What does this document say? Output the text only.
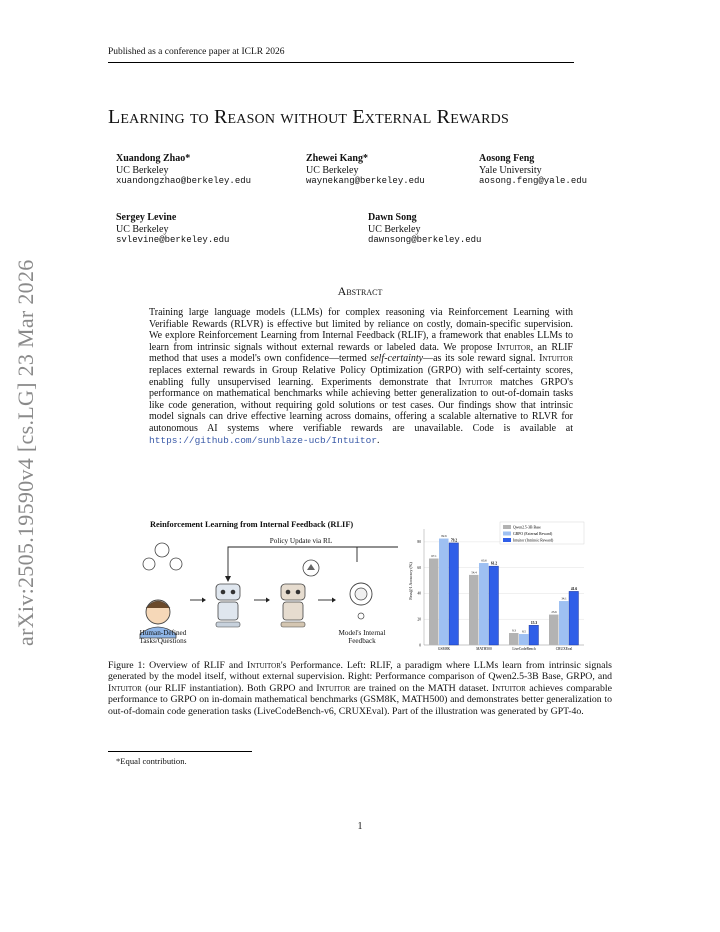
Published as a conference paper at ICLR 2026
Learning to Reason without External Rewards
Xuandong Zhao*
UC Berkeley
xuandongzhao@berkeley.edu
Zhewei Kang*
UC Berkeley
waynekang@berkeley.edu
Aosong Feng
Yale University
aosong.feng@yale.edu
Sergey Levine
UC Berkeley
svlevine@berkeley.edu
Dawn Song
UC Berkeley
dawnsong@berkeley.edu
arXiv:2505.19590v4 [cs.LG] 23 Mar 2026	Abstract
Training large language models (LLMs) for complex reasoning via Reinforcement Learning with Verifiable Rewards (RLVR) is effective but limited by reliance on costly, domain-specific supervision. We explore Reinforcement Learning from Internal Feedback (RLIF), a framework that enables LLMs to learn from intrinsic signals without external rewards or labeled data. We propose Intuitor, an RLIF method that uses a model's own confidence—termed self-certainty—as its sole reward signal. Intuitor replaces external rewards in Group Relative Policy Optimization (GRPO) with self-certainty scores, enabling fully unsupervised learning. Experiments demonstrate that Intuitor matches GRPO's performance on mathematical benchmarks while achieving better generalization to out-of-domain tasks like code generation, without requiring gold solutions or test cases. Our findings show that intrinsic model signals can drive effective learning across domains, offering a scalable alternative to RLVR for autonomous AI systems where verifiable rewards are unavailable. Code is available at https://github.com/sunblaze-ucb/Intuitor.
Reinforcement Learning from Internal Feedback (RLIF)
Policy Update via RL
Human-Defined Tasks/Questions
Model's Internal Feedback
67.1
82.6
79.2
54.4
63.6
61.2
9.3 8.5
15.3
23.6
34.1
41.6
0
20
40
60
80
GSM8K	MATH500	LiveCodeBench	CRUXEval
Qwen2.5-3B Base
GRPO (External Reward)
Intuitor (Intrinsic Reward)
Pass@1 Accuracy (%)
Figure 1: Overview of RLIF and Intuitor's Performance. Left: RLIF, a paradigm where LLMs learn from intrinsic signals generated by the model itself, without external supervision. Right: Performance comparison of Qwen2.5-3B Base, GRPO, and Intuitor (our RLIF instantiation). Both GRPO and Intuitor are trained on the MATH dataset. Intuitor achieves comparable performance to GRPO on in-domain mathematical benchmarks (GSM8K, MATH500) and demonstrates better generalization to out-of-domain code generation tasks (LiveCodeBench-v6, CRUXEval). Part of the illustration was generated by GPT-4o.
*Equal contribution.
1
